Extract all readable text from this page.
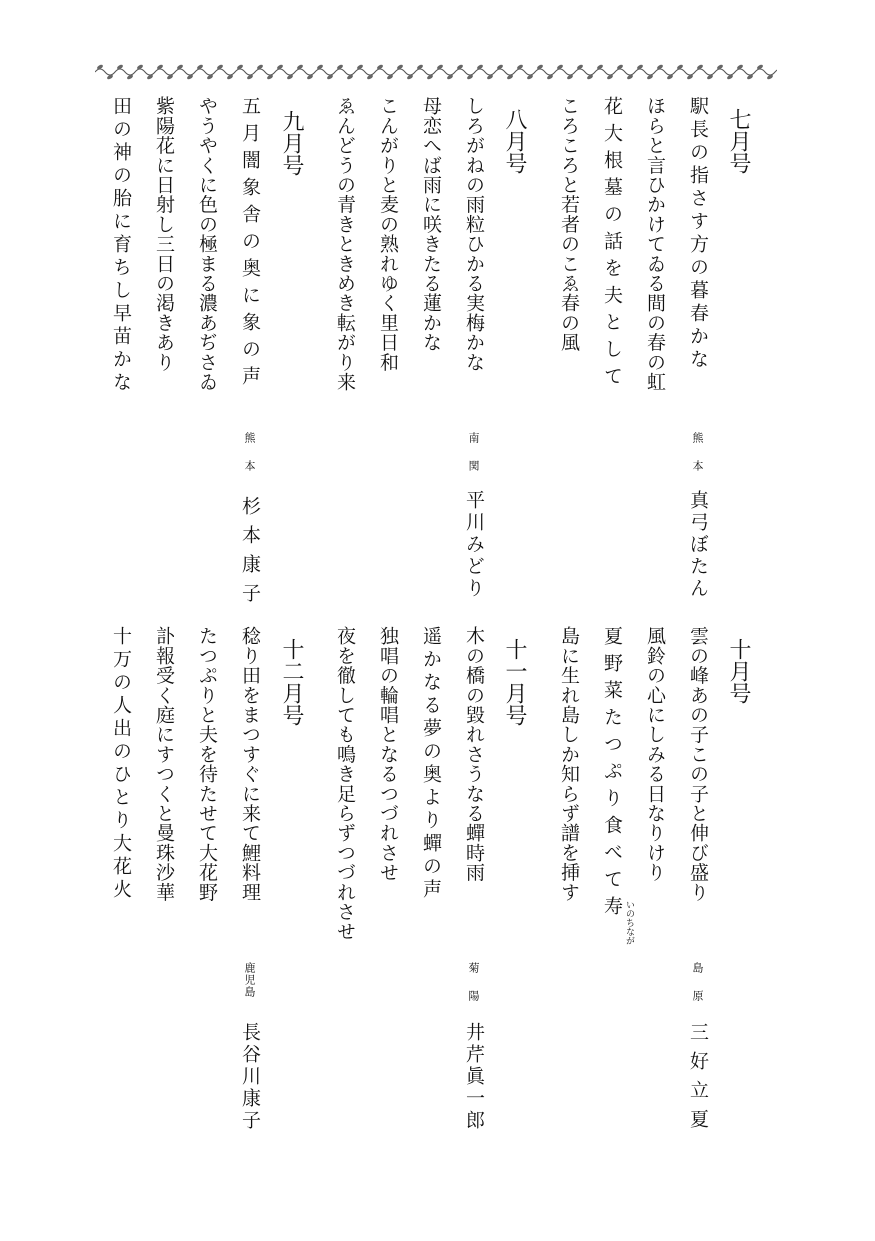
七月号
駅長の指さす方の暮春かな
ほらと言ひかけてゐる間の春の虹
花大根墓の話を夫として
ころころと若者のこゑ春の風
熊本
真弓ぼたん
八月号
しろがねの雨粒ひかる実梅かな
母恋へば雨に咲きたる蓮かな
こんがりと麦の熟れゆく里日和
ゑんどうの青きときめき転がり来
南関
平川みどり
九月号
五月闇象舎の奥に象の声
やうやくに色の極まる濃あぢさゐ
紫陽花に日射し三日の渇きあり
田の神の胎に育ちし早苗かな
熊本
杉本康子
十月号
雲の峰あの子この子と伸び盛り
風鈴の心にしみる日なりけり
夏野菜たつぷり食べて寿 いのちなが
島に生れ島しか知らず譜を挿す
島原
三好立夏
十一月号
木の橋の毀れさうなる蟬時雨
遥かなる夢の奥より蟬の声
独唱の輪唱となるつづれさせ
夜を徹しても鳴き足らずつづれさせ
菊陽
井芹眞一郎
十二月号
稔り田をまつすぐに来て鯉料理
たつぷりと夫を待たせて大花野
訃報受く庭にすつくと曼珠沙華
十万の人出のひとり大花火
鹿児島
長谷川康子
